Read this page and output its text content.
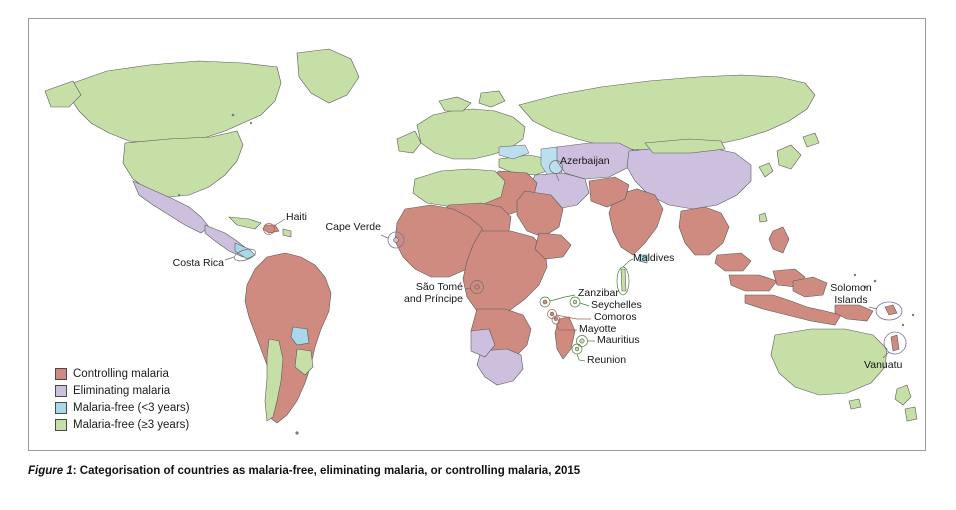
Haiti
Cape Verde
Costa Rica
Azerbaijan
São Tomé
and Príncipe
Maldives
Zanzibar
Seychelles
Comoros
Mayotte
Mauritius
Reunion
Solomon
Islands
Vanuatu
Controlling malaria
Eliminating malaria
Malaria-free (<3 years)
Malaria-free (≥3 years)
Figure 1: Categorisation of countries as malaria-free, eliminating malaria, or controlling malaria, 2015
